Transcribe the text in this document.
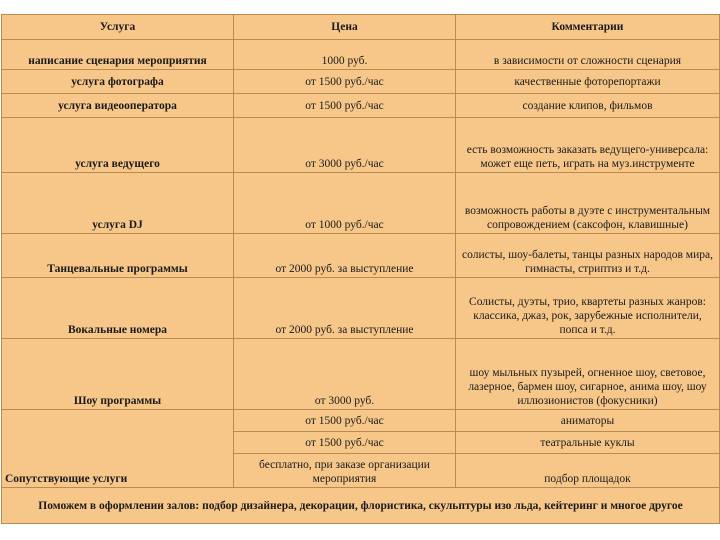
Услуга	Цена	Комментарии
написание сценария мероприятия	1000 руб.	в зависимости от сложности сценария
услуга фотографа	от 1500 руб./час	качественные фоторепортажи
услуга видеооператора	от 1500 руб./час	создание клипов, фильмов
услуга ведущего	от 3000 руб./час	есть возможность заказать ведущего-универсала: может еще петь, играть на муз.инструменте
услуга DJ	от 1000 руб./час	возможность работы в дуэте с инструментальным сопровождением (саксофон, клавишные)
Танцевальные программы	от 2000 руб. за выступление	солисты, шоу-балеты, танцы разных народов мира, гимнасты, стриптиз и т.д.
Вокальные номера	от 2000 руб. за выступление	Солисты, дуэты, трио, квартеты разных жанров: классика, джаз, рок, зарубежные исполнители, попса и т.д.
Шоу программы	от 3000 руб.	шоу мыльных пузырей, огненное шоу, световое, лазерное, бармен шоу, сигарное, анима шоу, шоу иллюзионистов (фокусники)
Сопутствующие услуги	от 1500 руб./час	аниматоры
	от 1500 руб./час	театральные куклы
	бесплатно, при заказе организации мероприятия	подбор площадок
Поможем в оформлении залов: подбор дизайнера, декорации, флористика, скульптуры изо льда, кейтеринг и многое другое		
